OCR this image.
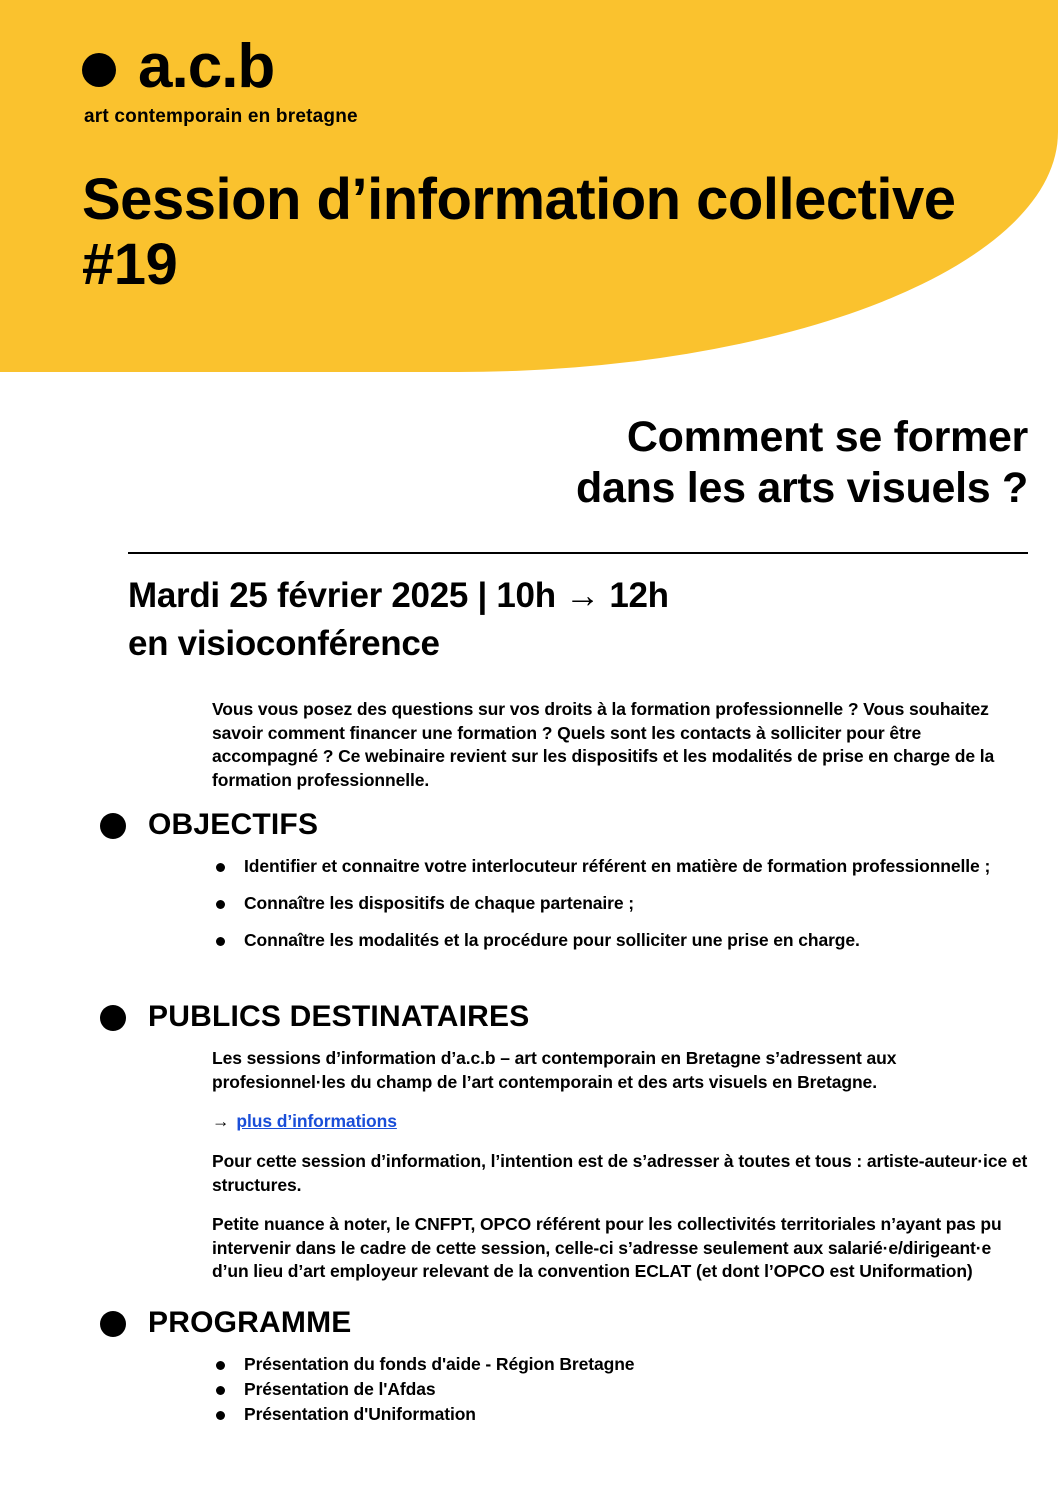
a.c.b
art contemporain en bretagne
Session d’information collective #19
Comment se former
dans les arts visuels ?
Mardi 25 février 2025 | 10h → 12h
en visioconférence
Vous vous posez des questions sur vos droits à la formation professionnelle ? Vous souhaitez savoir comment financer une formation ? Quels sont les contacts à solliciter pour être accompagné ? Ce webinaire revient sur les dispositifs et les modalités de prise en charge de la formation professionnelle.
OBJECTIFS
Identifier et connaitre votre interlocuteur référent en matière de formation professionnelle ;
Connaître les dispositifs de chaque partenaire ;
Connaître les modalités et la procédure pour solliciter une prise en charge.
PUBLICS DESTINATAIRES

Les sessions d’information d’a.c.b – art contemporain en Bretagne s’adressent aux profesionnel·les du champ de l’art contemporain et des arts visuels en Bretagne.

→ plus d’informations

Pour cette session d’information, l’intention est de s’adresser à toutes et tous : artiste-auteur·ice et structures.

Petite nuance à noter, le CNFPT, OPCO référent pour les collectivités territoriales n’ayant pas pu intervenir dans le cadre de cette session, celle-ci s’adresse seulement aux salarié·e/dirigeant·e d’un lieu d’art employeur relevant de la convention ECLAT (et dont l’OPCO est Uniformation)

PROGRAMME
Présentation du fonds d'aide - Région Bretagne
Présentation de l'Afdas
Présentation d'Uniformation
